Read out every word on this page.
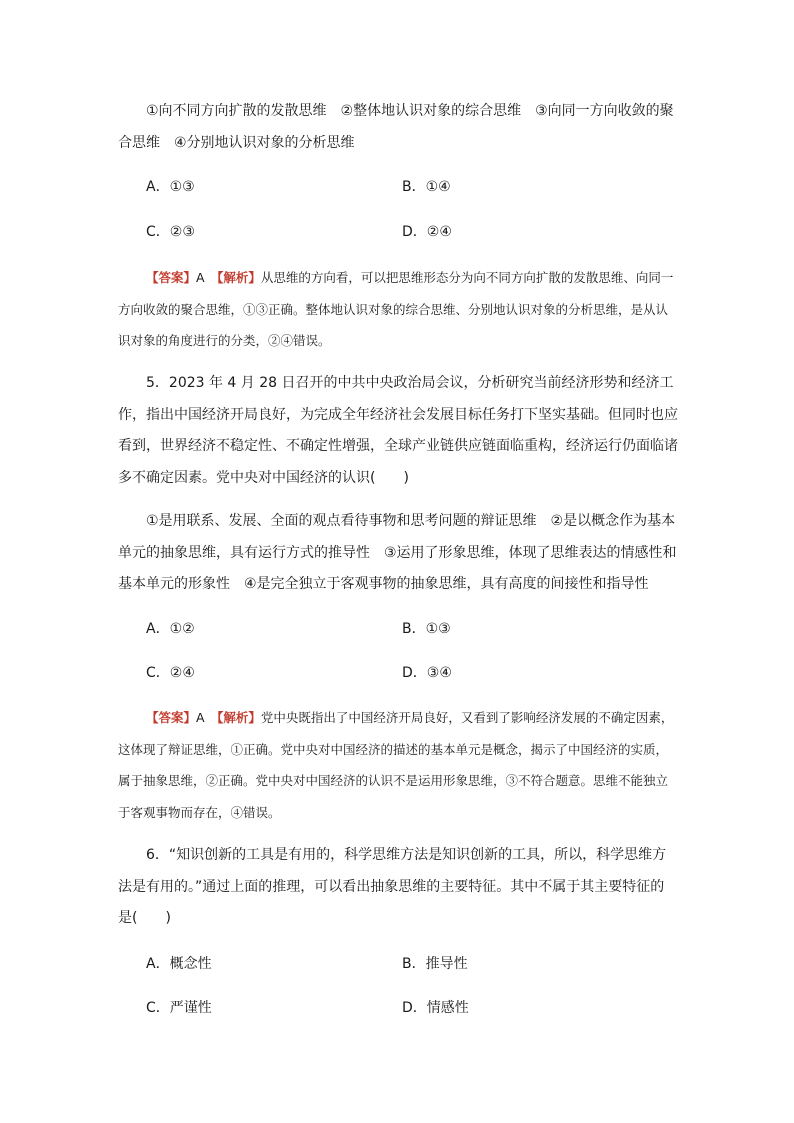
①向不同方向扩散的发散思维　②整体地认识对象的综合思维　③向同一方向收敛的聚合思维　④分别地认识对象的分析思维

A．①③	B．①④
C．②③	D．②④

【答案】A　 【解析】从思维的方向看，可以把思维形态分为向不同方向扩散的发散思维、向同一方向收敛的聚合思维，①③正确。整体地认识对象的综合思维、分别地认识对象的分析思维，是从认识对象的角度进行的分类，②④错误。

5．2023 年 4 月 28 日召开的中共中央政治局会议，分析研究当前经济形势和经济工作，指出中国经济开局良好，为完成全年经济社会发展目标任务打下坚实基础。但同时也应看到，世界经济不稳定性、不确定性增强，全球产业链供应链面临重构，经济运行仍面临诸多不确定因素。党中央对中国经济的认识(　　)

①是用联系、发展、全面的观点看待事物和思考问题的辩证思维　②是以概念作为基本单元的抽象思维，具有运行方式的推导性　③运用了形象思维，体现了思维表达的情感性和基本单元的形象性　④是完全独立于客观事物的抽象思维，具有高度的间接性和指导性

A．①②	B．①③
C．②④	D．③④

【答案】A　 【解析】党中央既指出了中国经济开局良好，又看到了影响经济发展的不确定因素，这体现了辩证思维，①正确。党中央对中国经济的描述的基本单元是概念，揭示了中国经济的实质，属于抽象思维，②正确。党中央对中国经济的认识不是运用形象思维，③不符合题意。思维不能独立于客观事物而存在，④错误。

6．“知识创新的工具是有用的，科学思维方法是知识创新的工具，所以，科学思维方法是有用的。”通过上面的推理，可以看出抽象思维的主要特征。其中不属于其主要特征的是(　　)

A．概念性	B．推导性
C．严谨性	D．情感性
